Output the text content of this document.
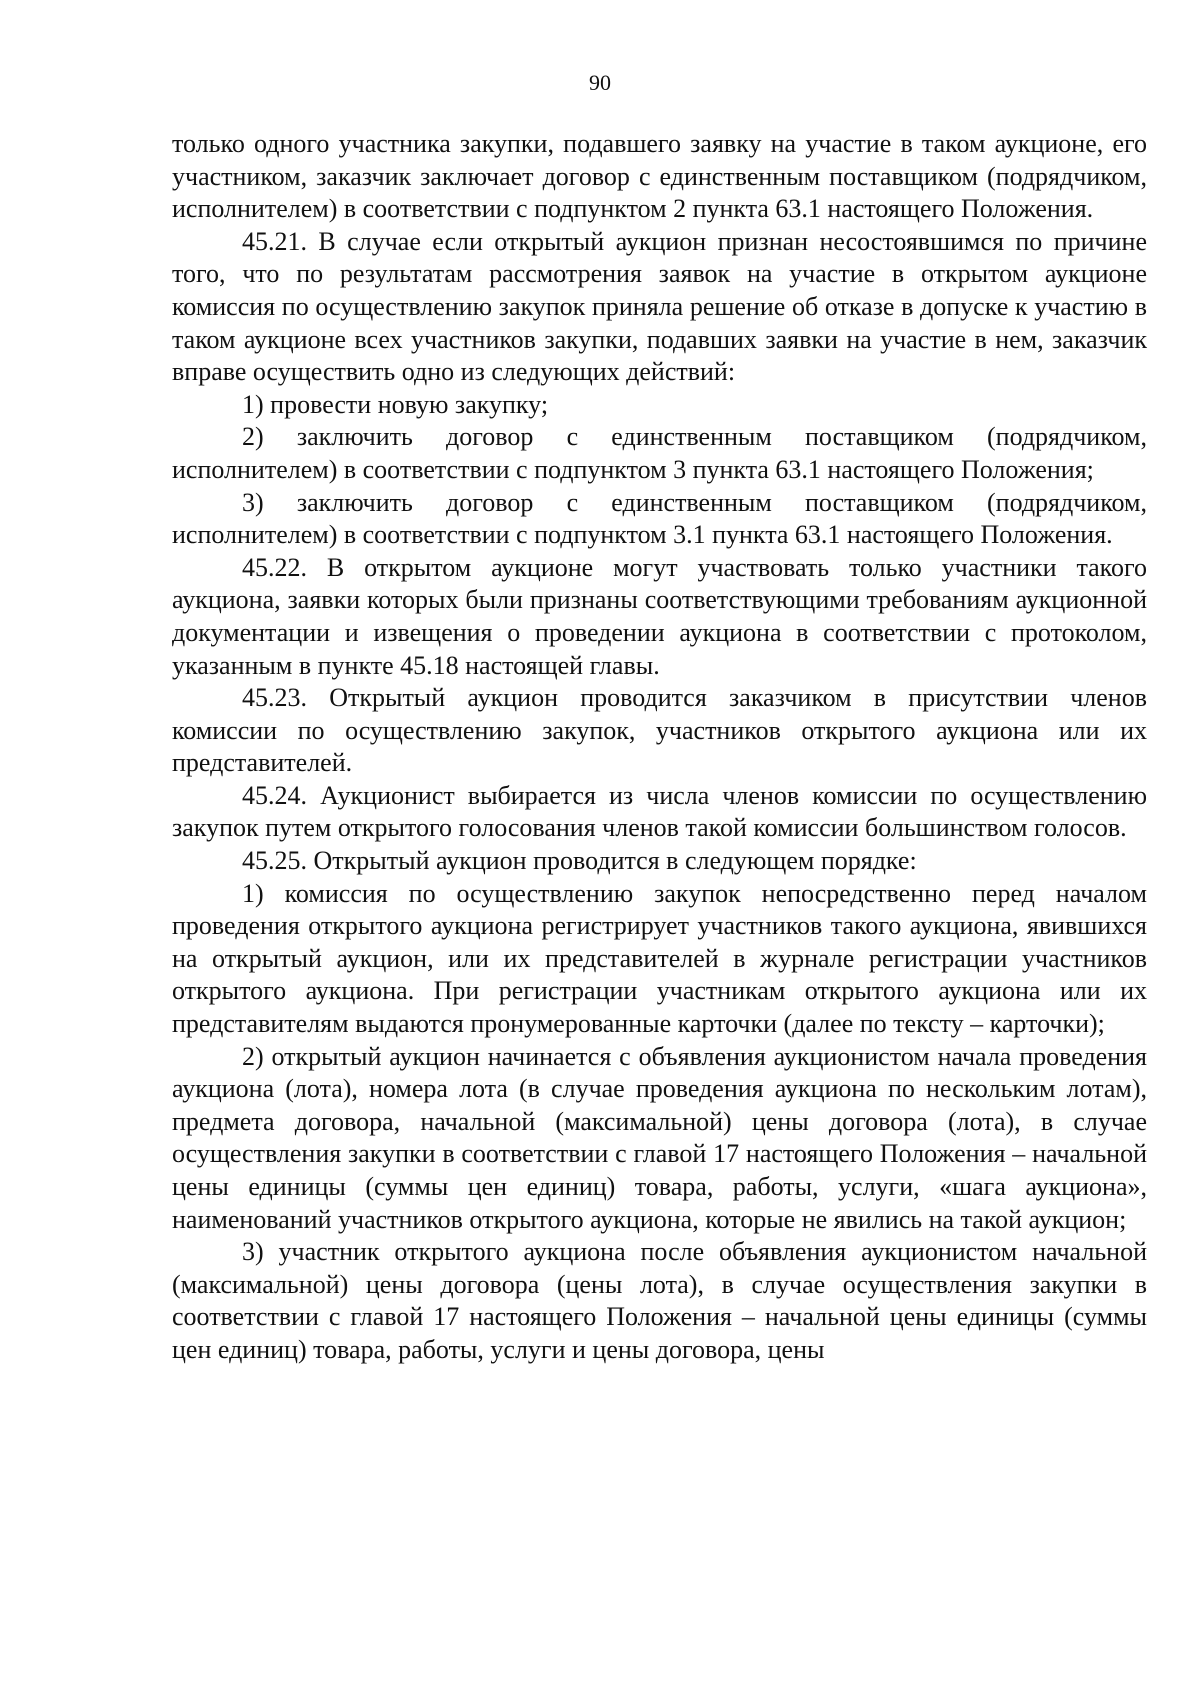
90

только одного участника закупки, подавшего заявку на участие в таком аукционе, его участником, заказчик заключает договор с единственным поставщиком (подрядчиком, исполнителем) в соответствии с подпунктом 2 пункта 63.1 настоящего Положения.

45.21. В случае если открытый аукцион признан несостоявшимся по причине того, что по результатам рассмотрения заявок на участие в открытом аукционе комиссия по осуществлению закупок приняла решение об отказе в допуске к участию в таком аукционе всех участников закупки, подавших заявки на участие в нем, заказчик вправе осуществить одно из следующих действий:

1) провести новую закупку;

2) заключить договор с единственным поставщиком (подрядчиком, исполнителем) в соответствии с подпунктом 3 пункта 63.1 настоящего Положения;

3) заключить договор с единственным поставщиком (подрядчиком, исполнителем) в соответствии с подпунктом 3.1 пункта 63.1 настоящего Положения.

45.22. В открытом аукционе могут участвовать только участники такого аукциона, заявки которых были признаны соответствующими требованиям аукционной документации и извещения о проведении аукциона в соответствии с протоколом, указанным в пункте 45.18 настоящей главы.

45.23. Открытый аукцион проводится заказчиком в присутствии членов комиссии по осуществлению закупок, участников открытого аукциона или их представителей.

45.24. Аукционист выбирается из числа членов комиссии по осуществлению закупок путем открытого голосования членов такой комиссии большинством голосов.

45.25. Открытый аукцион проводится в следующем порядке:

1) комиссия по осуществлению закупок непосредственно перед началом проведения открытого аукциона регистрирует участников такого аукциона, явившихся на открытый аукцион, или их представителей в журнале регистрации участников открытого аукциона. При регистрации участникам открытого аукциона или их представителям выдаются пронумерованные карточки (далее по тексту – карточки);

2) открытый аукцион начинается с объявления аукционистом начала проведения аукциона (лота), номера лота (в случае проведения аукциона по нескольким лотам), предмета договора, начальной (максимальной) цены договора (лота), в случае осуществления закупки в соответствии с главой 17 настоящего Положения – начальной цены единицы (суммы цен единиц) товара, работы, услуги, «шага аукциона», наименований участников открытого аукциона, которые не явились на такой аукцион;

3) участник открытого аукциона после объявления аукционистом начальной (максимальной) цены договора (цены лота), в случае осуществления закупки в соответствии с главой 17 настоящего Положения – начальной цены единицы (суммы цен единиц) товара, работы, услуги и цены договора, цены
